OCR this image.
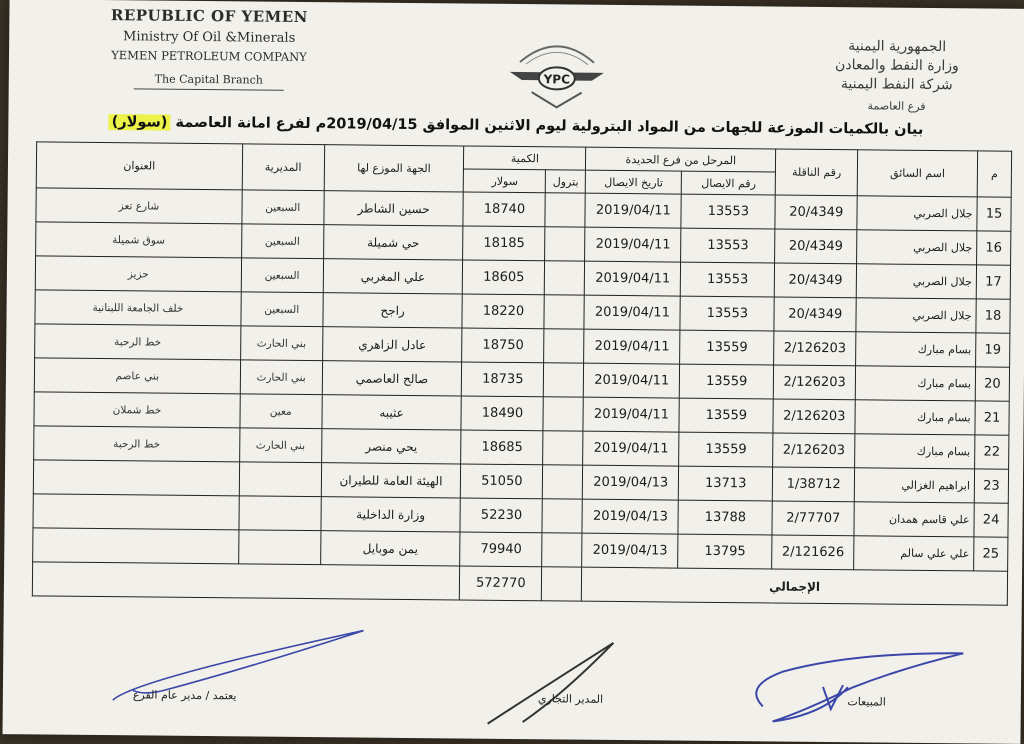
REPUBLIC OF YEMEN
Ministry Of Oil &Minerals
YEMEN PETROLEUM COMPANY
The Capital Branch	YPC
الجمهورية اليمنية
وزارة النفط والمعادن
شركة النفط اليمنية
فرع العاصمة
بيان بالكميات الموزعة للجهات من المواد البترولية ليوم الاثنين الموافق 2019/04/15م لفرع امانة العاصمة (سولار)
م	اسم السائق	رقم الناقلة	المرحل من فرع الحديدة		الكمية		الجهة الموزع لها	المديرية	العنوان
			رقم الايصال	تاريخ الايصال	بترول	سولار			
15	جلال الصربي	20/4349	13553	2019/04/11		18740	حسين الشاطر	السبعين	شارع تعز
16	جلال الصربي	20/4349	13553	2019/04/11		18185	حي شميلة	السبعين	سوق شميلة
17	جلال الصربي	20/4349	13553	2019/04/11		18605	علي المغربي	السبعين	حزيز
18	جلال الصربي	20/4349	13553	2019/04/11		18220	راجح	السبعين	خلف الجامعة اللبنانية
19	بسام مبارك	2/126203	13559	2019/04/11		18750	عادل الزاهري	بني الحارث	خط الرحبة
20	بسام مبارك	2/126203	13559	2019/04/11		18735	صالح العاصمي	بني الحارث	بني عاصم
21	بسام مبارك	2/126203	13559	2019/04/11		18490	عثيبه	معين	خط شملان
22	بسام مبارك	2/126203	13559	2019/04/11		18685	يحي منصر	بني الحارث	خط الرحبة
23	ابراهيم الغزالي	1/38712	13713	2019/04/13		51050	الهيئة العامة للطيران		
24	علي قاسم همدان	2/77707	13788	2019/04/13		52230	وزارة الداخلية		
25	علي علي سالم	2/121626	13795	2019/04/13		79940	يمن موبايل		
الإجمالي						572770			
المبيعات
المدير التجاري
يعتمد / مدير عام الفرع
